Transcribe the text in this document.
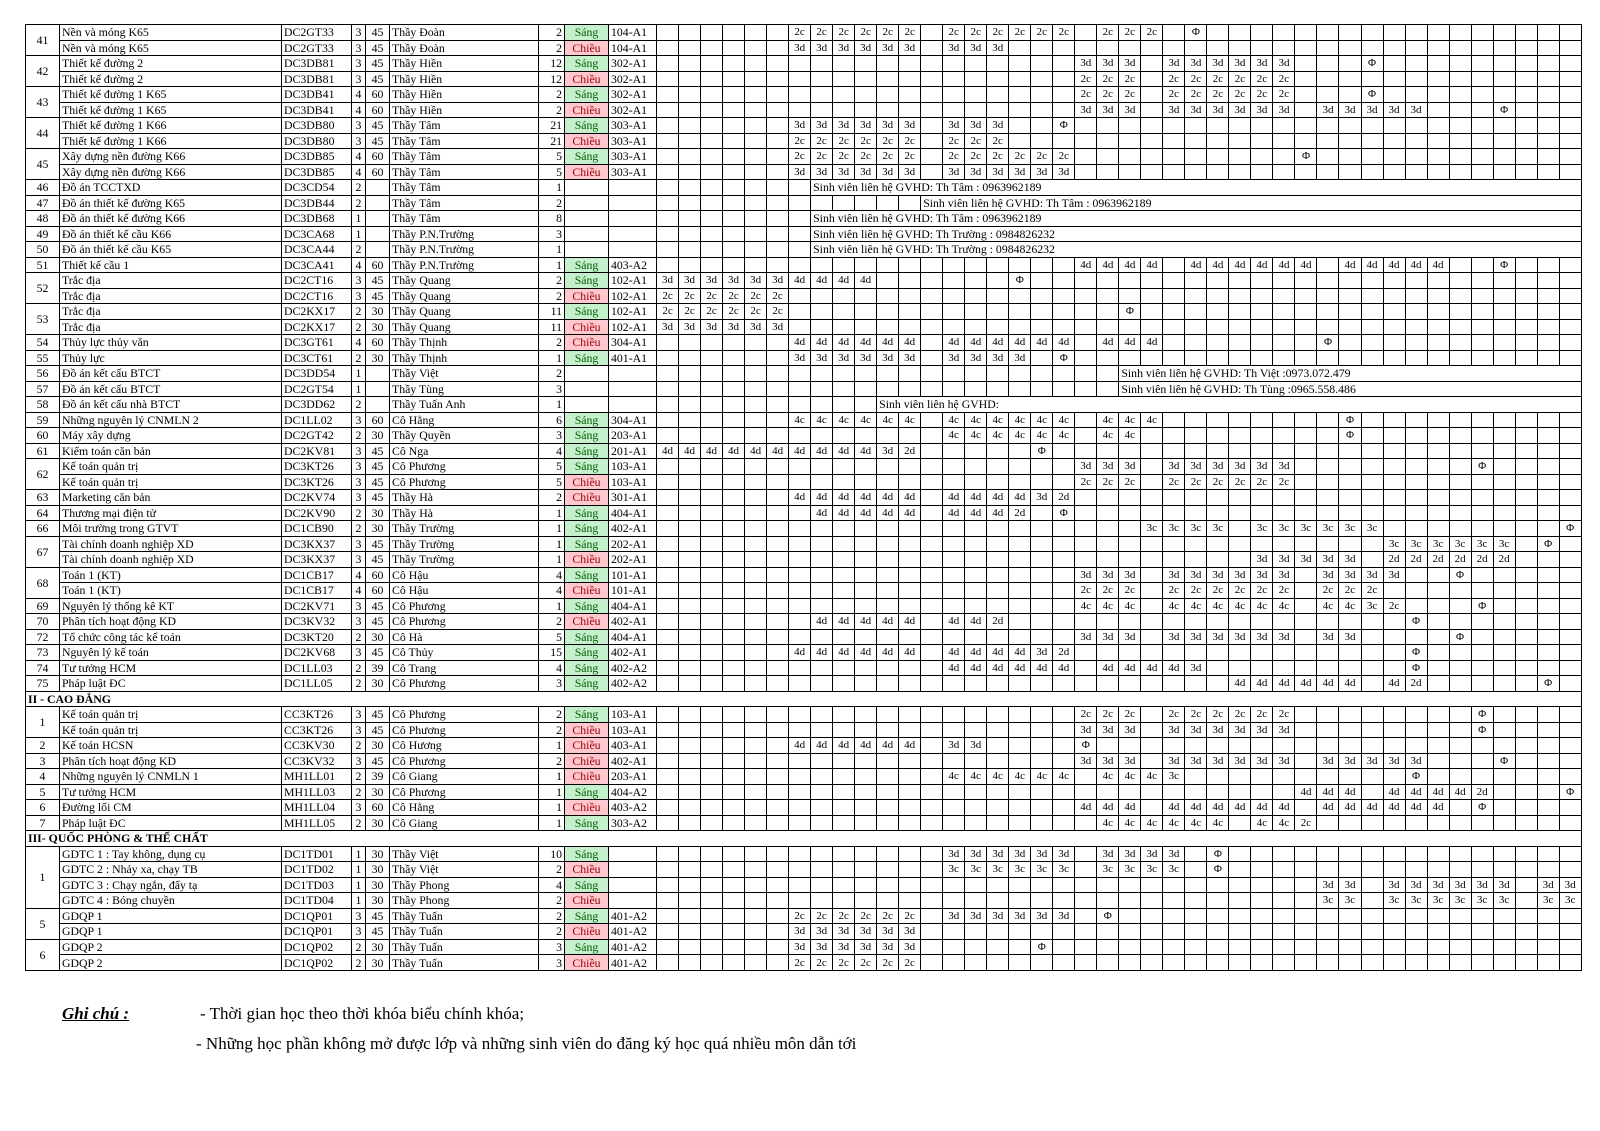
41	Nền và móng K65	DC2GT33	3	45	Thầy Đoàn	2	Sáng	104-A1							2c	2c	2c	2c	2c	2c		2c	2c	2c	2c	2c	2c		2c	2c	2c		Φ																	
	Nền và móng K65	DC2GT33	3	45	Thầy Đoàn	2	Chiều	104-A1							3d	3d	3d	3d	3d	3d		3d	3d	3d																										
42	Thiết kế đường 2	DC3DB81	3	45	Thầy Hiền	12	Sáng	302-A1																				3d	3d	3d		3d	3d	3d	3d	3d	3d				Φ									
	Thiết kế đường 2	DC3DB81	3	45	Thầy Hiền	12	Chiều	302-A1																				2c	2c	2c		2c	2c	2c	2c	2c	2c													
43	Thiết kế đường 1 K65	DC3DB41	4	60	Thầy Hiền	2	Sáng	302-A1																				2c	2c	2c		2c	2c	2c	2c	2c	2c				Φ									
	Thiết kế đường 1 K65	DC3DB41	4	60	Thầy Hiền	2	Chiều	302-A1																				3d	3d	3d		3d	3d	3d	3d	3d	3d		3d	3d	3d	3d	3d				Φ			
44	Thiết kế đường 1 K66	DC3DB80	3	45	Thầy Tâm	21	Sáng	303-A1							3d	3d	3d	3d	3d	3d		3d	3d	3d			Φ																							
	Thiết kế đường 1 K66	DC3DB80	3	45	Thầy Tâm	21	Chiều	303-A1							2c	2c	2c	2c	2c	2c		2c	2c	2c																										
45	Xây dựng nền đường K66	DC3DB85	4	60	Thầy Tâm	5	Sáng	303-A1							2c	2c	2c	2c	2c	2c		2c	2c	2c	2c	2c	2c											Φ												
	Xây dựng nền đường K66	DC3DB85	4	60	Thầy Tâm	5	Chiều	303-A1							3d	3d	3d	3d	3d	3d		3d	3d	3d	3d	3d	3d																							
46	Đồ án TCCTXD	DC3CD54	2		Thầy Tâm	1										Sinh viên liên hệ GVHD: Th Tâm : 0963962189																																		
47	Đồ án thiết kế đường K65	DC3DB44	2		Thầy Tâm	2															Sinh viên liên hệ GVHD: Th Tâm : 0963962189																													
48	Đồ án thiết kế đường K66	DC3DB68	1		Thầy Tâm	8										Sinh viên liên hệ GVHD: Th Tâm : 0963962189																																		
49	Đồ án thiết kế cầu K66	DC3CA68	1		Thầy P.N.Trường	3										Sinh viên liên hệ GVHD: Th Trường : 0984826232																																		
50	Đồ án thiết kế cầu K65	DC3CA44	2		Thầy P.N.Trường	1										Sinh viên liên hệ GVHD: Th Trường : 0984826232																																		
51	Thiết kế cầu 1	DC3CA41	4	60	Thầy P.N.Trường	1	Sáng	403-A2																				4d	4d	4d	4d		4d	4d	4d	4d	4d	4d		4d	4d	4d	4d	4d			Φ			
52	Trắc địa	DC2CT16	3	45	Thầy Quang	2	Sáng	102-A1	3d	3d	3d	3d	3d	3d	4d	4d	4d	4d							Φ																									
	Trắc địa	DC2CT16	3	45	Thầy Quang	2	Chiều	102-A1	2c	2c	2c	2c	2c	2c																																				
53	Trắc địa	DC2KX17	2	30	Thầy Quang	11	Sáng	102-A1	2c	2c	2c	2c	2c	2c																Φ																				
	Trắc địa	DC2KX17	2	30	Thầy Quang	11	Chiều	102-A1	3d	3d	3d	3d	3d	3d																																				
54	Thủy lực thủy văn	DC3GT61	4	60	Thầy Thịnh	2	Chiều	304-A1							4d	4d	4d	4d	4d	4d		4d	4d	4d	4d	4d	4d		4d	4d	4d								Φ											
55	Thủy lực	DC3CT61	2	30	Thầy Thịnh	1	Sáng	401-A1							3d	3d	3d	3d	3d	3d		3d	3d	3d	3d		Φ																							
56	Đồ án kết cấu BTCT	DC3DD54	1		Thầy Việt	2																								Sinh viên liên hệ GVHD: Th Việt :0973.072.479																				
57	Đồ án kết cấu BTCT	DC2GT54	1		Thầy Tùng	3																								Sinh viên liên hệ GVHD: Th Tùng :0965.558.486																				
58	Đồ án kết cấu nhà BTCT	DC3DD62	2		Thầy Tuấn Anh	1													Sinh viên liên hệ GVHD:																															
59	Những nguyên lý CNMLN 2	DC1LL02	3	60	Cô Hằng	6	Sáng	304-A1							4c	4c	4c	4c	4c	4c		4c	4c	4c	4c	4c	4c		4c	4c	4c									Φ										
60	Máy xây dựng	DC2GT42	2	30	Thầy Quyền	3	Sáng	203-A1														4c	4c	4c	4c	4c	4c		4c	4c										Φ										
61	Kiểm toán căn bản	DC2KV81	3	45	Cô Nga	4	Sáng	201-A1	4d	4d	4d	4d	4d	4d	4d	4d	4d	4d	3d	2d						Φ																								
62	Kế toán quản trị	DC3KT26	3	45	Cô Phương	5	Sáng	103-A1																				3d	3d	3d		3d	3d	3d	3d	3d	3d									Φ				
	Kế toán quản trị	DC3KT26	3	45	Cô Phương	5	Chiều	103-A1																				2c	2c	2c		2c	2c	2c	2c	2c	2c													
63	Marketing căn bản	DC2KV74	3	45	Thầy Hà	2	Chiều	301-A1							4d	4d	4d	4d	4d	4d		4d	4d	4d	4d	3d	2d																							
64	Thương mại điện tử	DC2KV90	2	30	Thầy Hà	1	Sáng	404-A1								4d	4d	4d	4d	4d		4d	4d	4d	2d		Φ																							
66	Môi trường trong GTVT	DC1CB90	2	30	Thầy Trường	1	Sáng	402-A1																							3c	3c	3c	3c		3c	3c	3c	3c	3c	3c									Φ
67	Tài chính doanh nghiệp XD	DC3KX37	3	45	Thầy Trường	1	Sáng	202-A1																																		3c	3c	3c	3c	3c	3c		Φ	
	Tài chính doanh nghiệp XD	DC3KX37	3	45	Thầy Trường	1	Chiều	202-A1																												3d	3d	3d	3d	3d		2d	2d	2d	2d	2d	2d			
68	Toán 1 (KT)	DC1CB17	4	60	Cô Hậu	4	Sáng	101-A1																				3d	3d	3d		3d	3d	3d	3d	3d	3d		3d	3d	3d	3d			Φ					
	Toán 1 (KT)	DC1CB17	4	60	Cô Hậu	4	Chiều	101-A1																				2c	2c	2c		2c	2c	2c	2c	2c	2c		2c	2c	2c									
69	Nguyên lý thống kê KT	DC2KV71	3	45	Cô Phương	1	Sáng	404-A1																				4c	4c	4c		4c	4c	4c	4c	4c	4c		4c	4c	3c	2c				Φ				
70	Phân tích hoạt động KD	DC3KV32	3	45	Cô Phương	2	Chiều	402-A1								4d	4d	4d	4d	4d		4d	4d	2d																			Φ							
72	Tổ chức công tác kế toán	DC3KT20	2	30	Cô Hà	5	Sáng	404-A1																				3d	3d	3d		3d	3d	3d	3d	3d	3d		3d	3d					Φ					
73	Nguyên lý kế toán	DC2KV68	3	45	Cô Thủy	15	Sáng	402-A1							4d	4d	4d	4d	4d	4d		4d	4d	4d	4d	3d	2d																Φ							
74	Tư tưởng HCM	DC1LL03	2	39	Cô Trang	4	Sáng	402-A2														4d	4d	4d	4d	4d	4d		4d	4d	4d	4d	3d										Φ							
75	Pháp luật ĐC	DC1LL05	2	30	Cô Phương	3	Sáng	402-A2																											4d	4d	4d	4d	4d	4d		4d	2d						Φ	
II - CAO ĐẲNG																																																		
1	Kế toán quản trị	CC3KT26	3	45	Cô Phương	2	Sáng	103-A1																				2c	2c	2c		2c	2c	2c	2c	2c	2c									Φ				
	Kế toán quản trị	CC3KT26	3	45	Cô Phương	2	Chiều	103-A1																				3d	3d	3d		3d	3d	3d	3d	3d	3d									Φ				
2	Kế toán HCSN	CC3KV30	2	30	Cô Hương	1	Chiều	403-A1							4d	4d	4d	4d	4d	4d		3d	3d					Φ																						
3	Phân tích hoạt động KD	CC3KV32	3	45	Cô Phương	2	Chiều	402-A1																				3d	3d	3d		3d	3d	3d	3d	3d	3d		3d	3d	3d	3d	3d				Φ			
4	Những nguyên lý CNMLN 1	MH1LL01	2	39	Cô Giang	1	Chiều	203-A1														4c	4c	4c	4c	4c	4c		4c	4c	4c	3c											Φ							
5	Tư tưởng HCM	MH1LL03	2	30	Cô Phương	1	Sáng	404-A2																														4d	4d	4d		4d	4d	4d	4d	2d				Φ
6	Đường lối CM	MH1LL04	3	60	Cô Hằng	1	Chiều	403-A2																				4d	4d	4d		4d	4d	4d	4d	4d	4d		4d	4d	4d	4d	4d	4d		Φ				
7	Pháp luật ĐC	MH1LL05	2	30	Cô Giang	1	Sáng	303-A2																					4c	4c	4c	4c	4c	4c		4c	4c	2c												
III- QUỐC PHÒNG & THỂ CHẤT																																																		
1	GDTC 1 : Tay không, dụng cụ	DC1TD01	1	30	Thầy Việt	10	Sáng															3d	3d	3d	3d	3d	3d		3d	3d	3d	3d		Φ																
	GDTC 2 : Nhảy xa, chạy TB	DC1TD02	1	30	Thầy Việt	2	Chiều															3c	3c	3c	3c	3c	3c		3c	3c	3c	3c		Φ																
	GDTC 3 : Chạy ngắn, đẩy tạ	DC1TD03	1	30	Thầy Phong	4	Sáng																																3d	3d		3d	3d	3d	3d	3d	3d		3d	3d
	GDTC 4 : Bóng chuyền	DC1TD04	1	30	Thầy Phong	2	Chiều																																3c	3c		3c	3c	3c	3c	3c	3c		3c	3c
5	GDQP 1	DC1QP01	3	45	Thầy Tuấn	2	Sáng	401-A2							2c	2c	2c	2c	2c	2c		3d	3d	3d	3d	3d	3d		Φ																					
	GDQP 1	DC1QP01	3	45	Thầy Tuấn	2	Chiều	401-A2							3d	3d	3d	3d	3d	3d																														
6	GDQP 2	DC1QP02	2	30	Thầy Tuấn	3	Sáng	401-A2							3d	3d	3d	3d	3d	3d						Φ																								
	GDQP 2	DC1QP02	2	30	Thầy Tuấn	3	Chiều	401-A2							2c	2c	2c	2c	2c	2c																														
Ghi chú :	- Thời gian học theo thời khóa biểu chính khóa;
- Những học phần không mở được lớp và những sinh viên do đăng ký học quá nhiều môn dẫn tới
